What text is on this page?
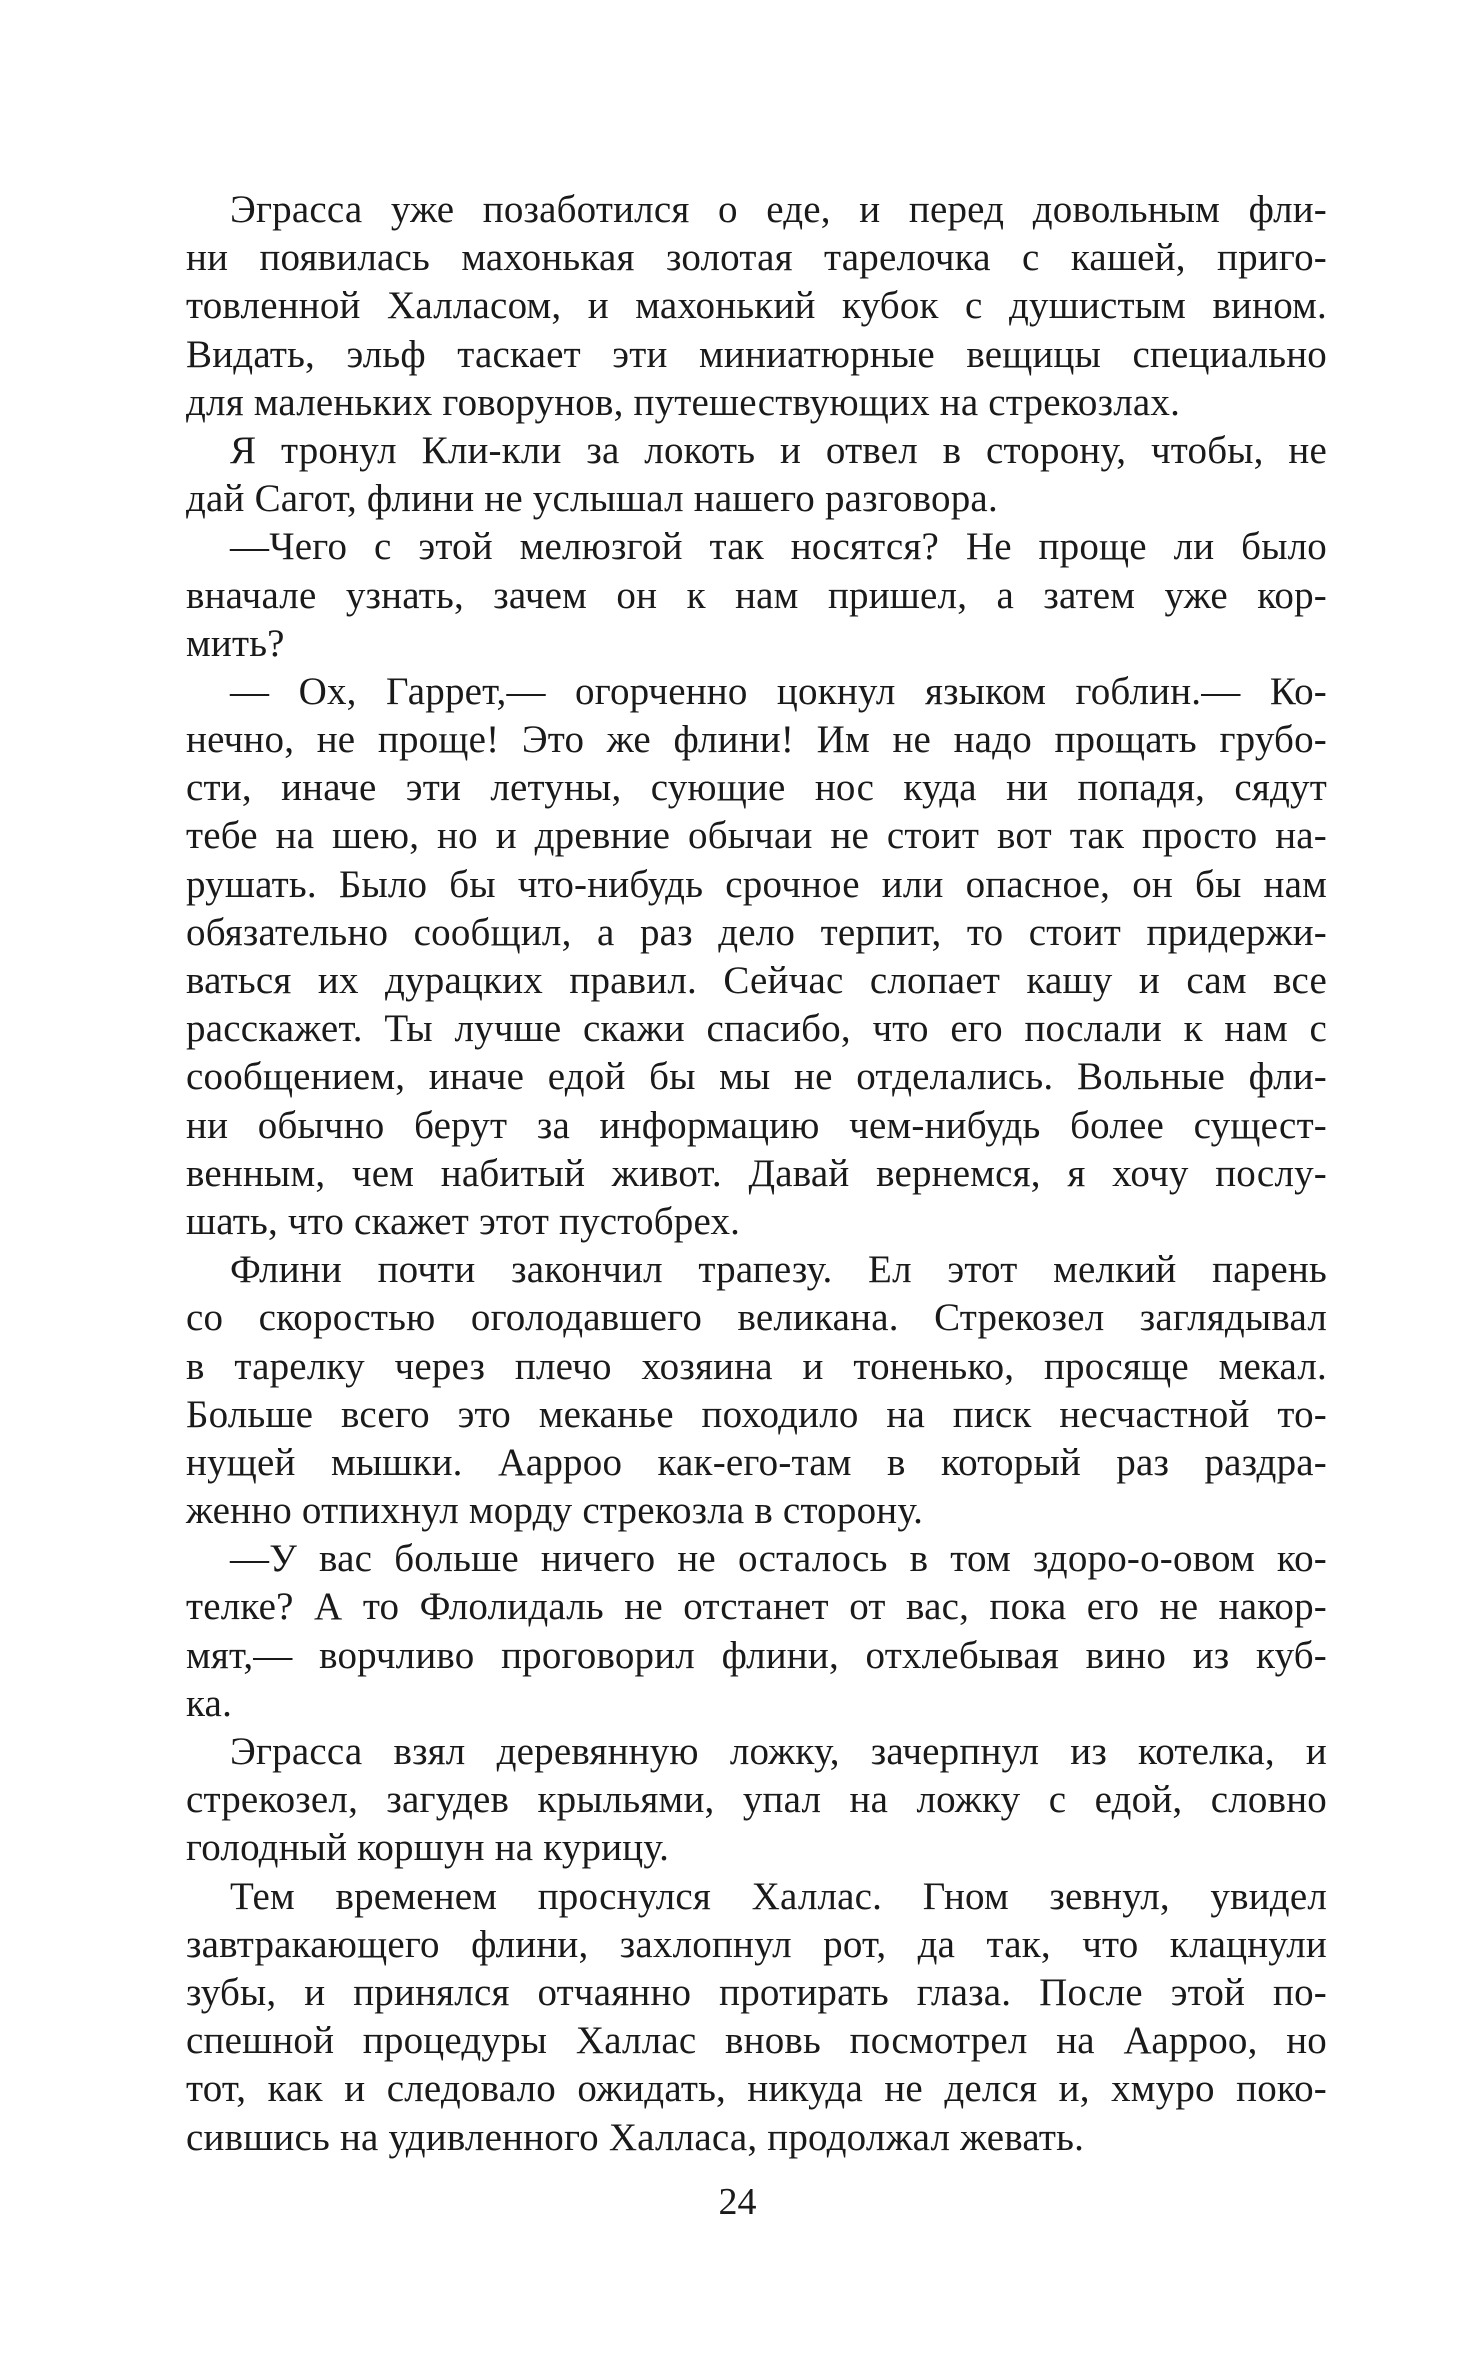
Эграсса уже позаботился о еде, и перед довольным фли-
ни появилась махонькая золотая тарелочка с кашей, приго-
товленной Халласом, и махонький кубок с душистым вином.
Видать, эльф таскает эти миниатюрные вещицы специально
для маленьких говорунов, путешествующих на стрекозлах.
Я тронул Кли-кли за локоть и отвел в сторону, чтобы, не
дай Сагот, флини не услышал нашего разговора.
—Чего с этой мелюзгой так носятся? Не проще ли было
вначале узнать, зачем он к нам пришел, а затем уже кор-
мить?
— Ох, Гаррет,— огорченно цокнул языком гоблин.— Ко-
нечно, не проще! Это же флини! Им не надо прощать грубо-
сти, иначе эти летуны, сующие нос куда ни попадя, сядут
тебе на шею, но и древние обычаи не стоит вот так просто на-
рушать. Было бы что-нибудь срочное или опасное, он бы нам
обязательно сообщил, а раз дело терпит, то стоит придержи-
ваться их дурацких правил. Сейчас слопает кашу и сам все
расскажет. Ты лучше скажи спасибо, что его послали к нам с
сообщением, иначе едой бы мы не отделались. Вольные фли-
ни обычно берут за информацию чем-нибудь более сущест-
венным, чем набитый живот. Давай вернемся, я хочу послу-
шать, что скажет этот пустобрех.
Флини почти закончил трапезу. Ел этот мелкий парень
со скоростью оголодавшего великана. Стрекозел заглядывал
в тарелку через плечо хозяина и тоненько, просяще мекал.
Больше всего это меканье походило на писк несчастной то-
нущей мышки. Ааррoo как-его-там в который раз раздра-
женно отпихнул морду стрекозла в сторону.
—У вас больше ничего не осталось в том здоро-о-овом ко-
телке? А то Флолидаль не отстанет от вас, пока его не накор-
мят,— ворчливо проговорил флини, отхлебывая вино из куб-
ка.
Эграсса взял деревянную ложку, зачерпнул из котелка, и
стрекозел, загудев крыльями, упал на ложку с едой, словно
голодный коршун на курицу.
Тем временем проснулся Халлас. Гном зевнул, увидел
завтракающего флини, захлопнул рот, да так, что клацнули
зубы, и принялся отчаянно протирать глаза. После этой по-
спешной процедуры Халлас вновь посмотрел на Ааррoo, но
тот, как и следовало ожидать, никуда не делся и, хмуро поко-
сившись на удивленного Халласа, продолжал жевать.
24
